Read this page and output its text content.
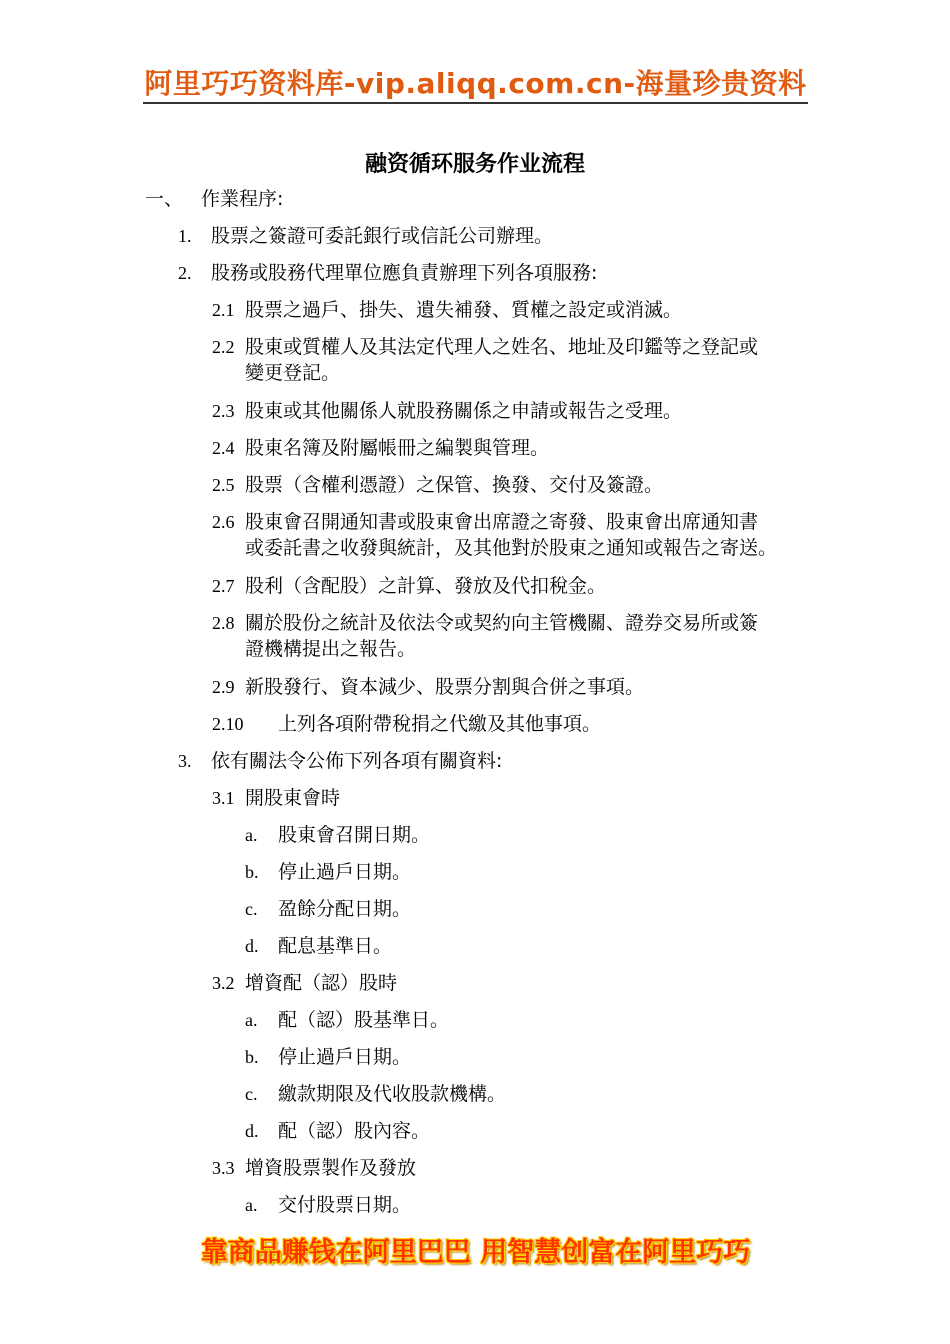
阿里巧巧资料库-vip.aliqq.com.cn-海量珍贵资料
融资循环服务作业流程
一、 作業程序:
1. 股票之簽證可委託銀行或信託公司辦理。
2. 股務或股務代理單位應負責辦理下列各項服務:
2.1 股票之過戶、掛失、遺失補發、質權之設定或消滅。
2.2 股東或質權人及其法定代理人之姓名、地址及印鑑等之登記或
變更登記。
2.3 股東或其他關係人就股務關係之申請或報告之受理。
2.4 股東名簿及附屬帳冊之編製與管理。
2.5 股票（含權利憑證）之保管、換發、交付及簽證。
2.6 股東會召開通知書或股東會出席證之寄發、股東會出席通知書
或委託書之收發與統計，及其他對於股東之通知或報告之寄送。
2.7 股利（含配股）之計算、發放及代扣稅金。
2.8 關於股份之統計及依法令或契約向主管機關、證券交易所或簽
證機構提出之報告。
2.9 新股發行、資本減少、股票分割與合併之事項。
2.10 上列各項附帶稅捐之代繳及其他事項。
3. 依有關法令公佈下列各項有關資料:
3.1 開股東會時
a. 股東會召開日期。
b. 停止過戶日期。
c. 盈餘分配日期。
d. 配息基準日。
3.2 增資配（認）股時
a. 配（認）股基準日。
b. 停止過戶日期。
c. 繳款期限及代收股款機構。
d. 配（認）股內容。
3.3 增資股票製作及發放
a. 交付股票日期。
靠商品赚钱在阿里巴巴 用智慧创富在阿里巧巧
